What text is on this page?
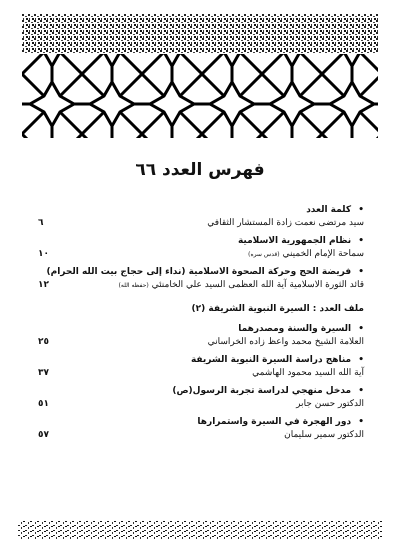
فهرس العدد ٦٦
• كلمة العدد
سيد مرتضى نعمت زادة المستشار الثقافي
٦
• نظام الجمهورية الاسلامية
سماحة الإمام الخميني (قدس سره)
١٠
• فريضة الحج وحركة الصحوة الاسلامية (نداء إلى حجاج بيت الله الحرام)
قائد الثورة الاسلامية آية الله العظمى السيد علي الخامنئي (حفظه الله)
١٢
ملف العدد : السيرة النبوية الشريفة (٢)
• السيرة والسنة ومصدرهما
العلامة الشيخ محمد واعظ زاده الخراساني
٢٥
• مناهج دراسة السيرة النبوية الشريفة
آية الله السيد محمود الهاشمي
٣٧
• مدخل منهجي لدراسة تجربة الرسول(ص)
الدكتور حسن جابر
٥١
• دور الهجرة في السيرة واستمرارها
الدكتور سمير سليمان
٥٧
